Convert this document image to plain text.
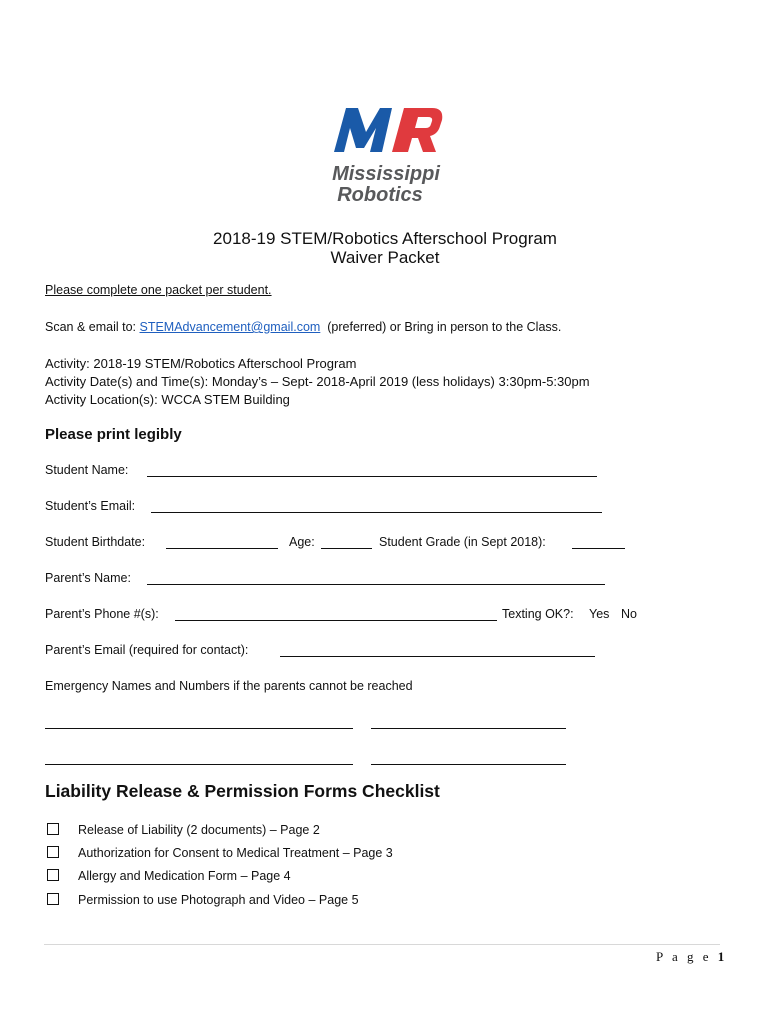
Mississippi
Robotics
2018-19 STEM/Robotics Afterschool Program
Waiver Packet
Please complete one packet per student.
Scan & email to: STEMAdvancement@gmail.com  (preferred) or Bring in person to the Class.
Activity: 2018-19 STEM/Robotics Afterschool Program
Activity Date(s) and Time(s): Monday’s – Sept- 2018-April 2019 (less holidays) 3:30pm-5:30pm
Activity Location(s): WCCA STEM Building
Please print legibly
Student Name:
Student’s Email:
Student Birthdate:	Age:	Student Grade (in Sept 2018):
Parent’s Name:
Parent’s Phone #(s):	Texting OK?: Yes No
Parent’s Email (required for contact):
Emergency Names and Numbers if the parents cannot be reached
Liability Release & Permission Forms Checklist
Release of Liability (2 documents) – Page 2
Authorization for Consent to Medical Treatment – Page 3
Allergy and Medication Form – Page 4
Permission to use Photograph and Video – Page 5
P a g e 1
